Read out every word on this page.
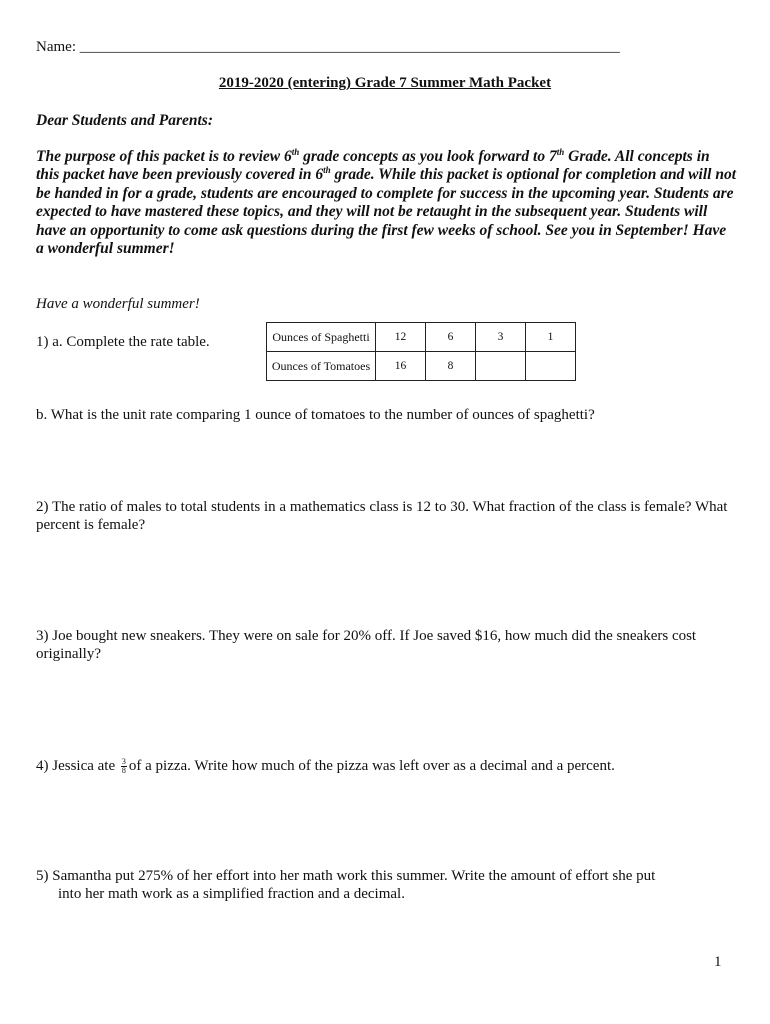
Name: ________________________________________________________________________
2019-2020 (entering) Grade 7 Summer Math Packet
Dear Students and Parents:
The purpose of this packet is to review 6th grade concepts as you look forward to 7th Grade. All concepts in this packet have been previously covered in 6th grade. While this packet is optional for completion and will not be handed in for a grade, students are encouraged to complete for success in the upcoming year. Students are expected to have mastered these topics, and they will not be retaught in the subsequent year. Students will have an opportunity to come ask questions during the first few weeks of school. See you in September! Have a wonderful summer!
Have a wonderful summer!
1) a. Complete the rate table.	Ounces of Spaghetti	12	6	3	1
Ounces of Tomatoes	16	8		
b. What is the unit rate comparing 1 ounce of tomatoes to the number of ounces of spaghetti?
2) The ratio of males to total students in a mathematics class is 12 to 30. What fraction of the class is female? What percent is female?
3) Joe bought new sneakers. They were on sale for 20% off. If Joe saved $16, how much did the sneakers cost originally?
4) Jessica ate $\frac{3}{8}$ of a pizza. Write how much of the pizza was left over as a decimal and a percent.
5) Samantha put 275% of her effort into her math work this summer. Write the amount of effort she put
into her math work as a simplified fraction and a decimal.
1
